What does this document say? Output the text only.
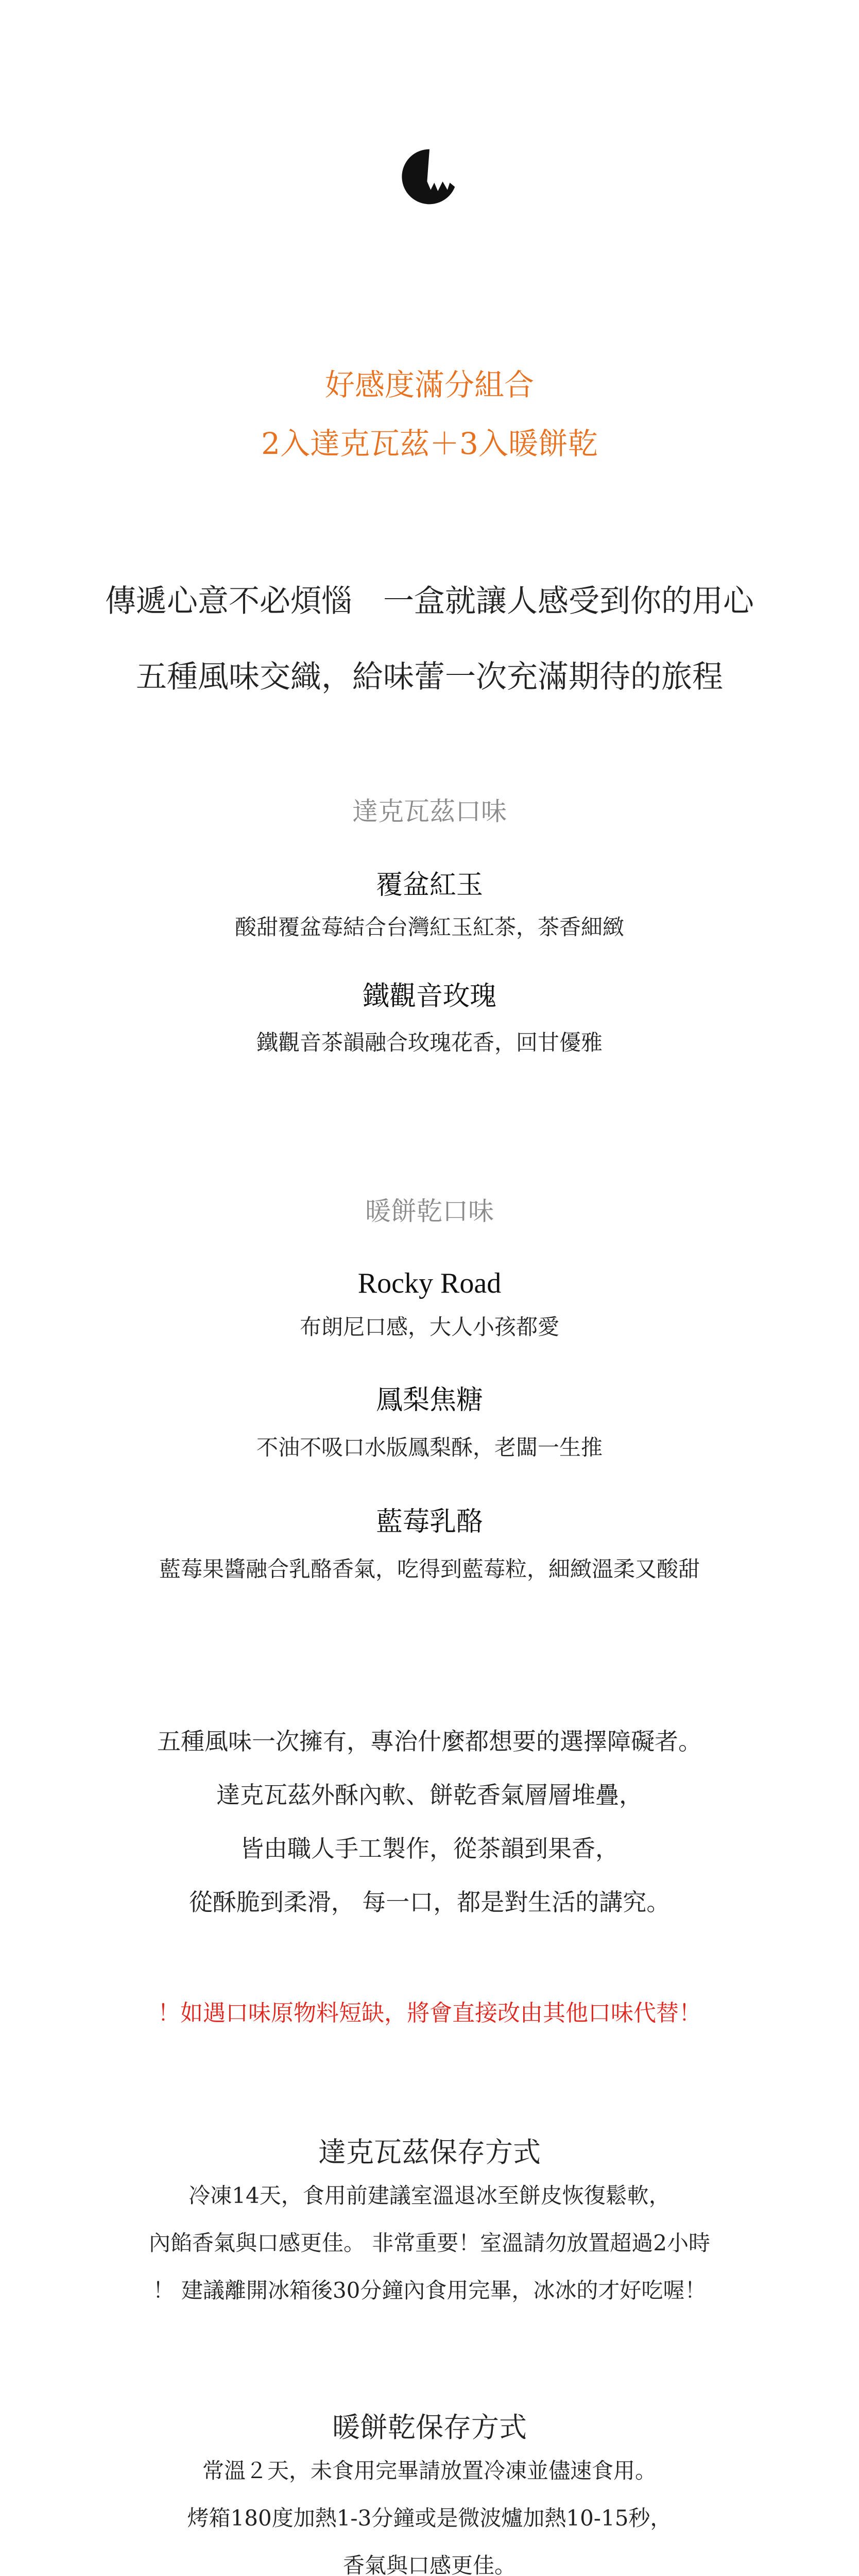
好感度滿分組合
2入達克瓦茲＋3入暖餅乾
傳遞心意不必煩惱　一盒就讓人感受到你的用心
五種風味交織，給味蕾一次充滿期待的旅程
達克瓦茲口味
覆盆紅玉
酸甜覆盆莓結合台灣紅玉紅茶，茶香細緻
鐵觀音玫瑰
鐵觀音茶韻融合玫瑰花香，回甘優雅
暖餅乾口味
Rocky Road
布朗尼口感，大人小孩都愛
鳳梨焦糖
不油不吸口水版鳳梨酥，老闆一生推
藍莓乳酪
藍莓果醬融合乳酪香氣，吃得到藍莓粒，細緻溫柔又酸甜
五種風味一次擁有，專治什麼都想要的選擇障礙者。
達克瓦茲外酥內軟、餅乾香氣層層堆疊，
皆由職人手工製作，從茶韻到果香，
從酥脆到柔滑， 每一口，都是對生活的講究。
！如遇口味原物料短缺，將會直接改由其他口味代替！
達克瓦茲保存方式
冷凍14天，食用前建議室溫退冰至餅皮恢復鬆軟，
內餡香氣與口感更佳。 非常重要！室溫請勿放置超過2小時
！ 建議離開冰箱後30分鐘內食用完畢，冰冰的才好吃喔！
暖餅乾保存方式
常溫２天，未食用完畢請放置冷凍並儘速食用。
烤箱180度加熱1-3分鐘或是微波爐加熱10-15秒，
香氣與口感更佳。
